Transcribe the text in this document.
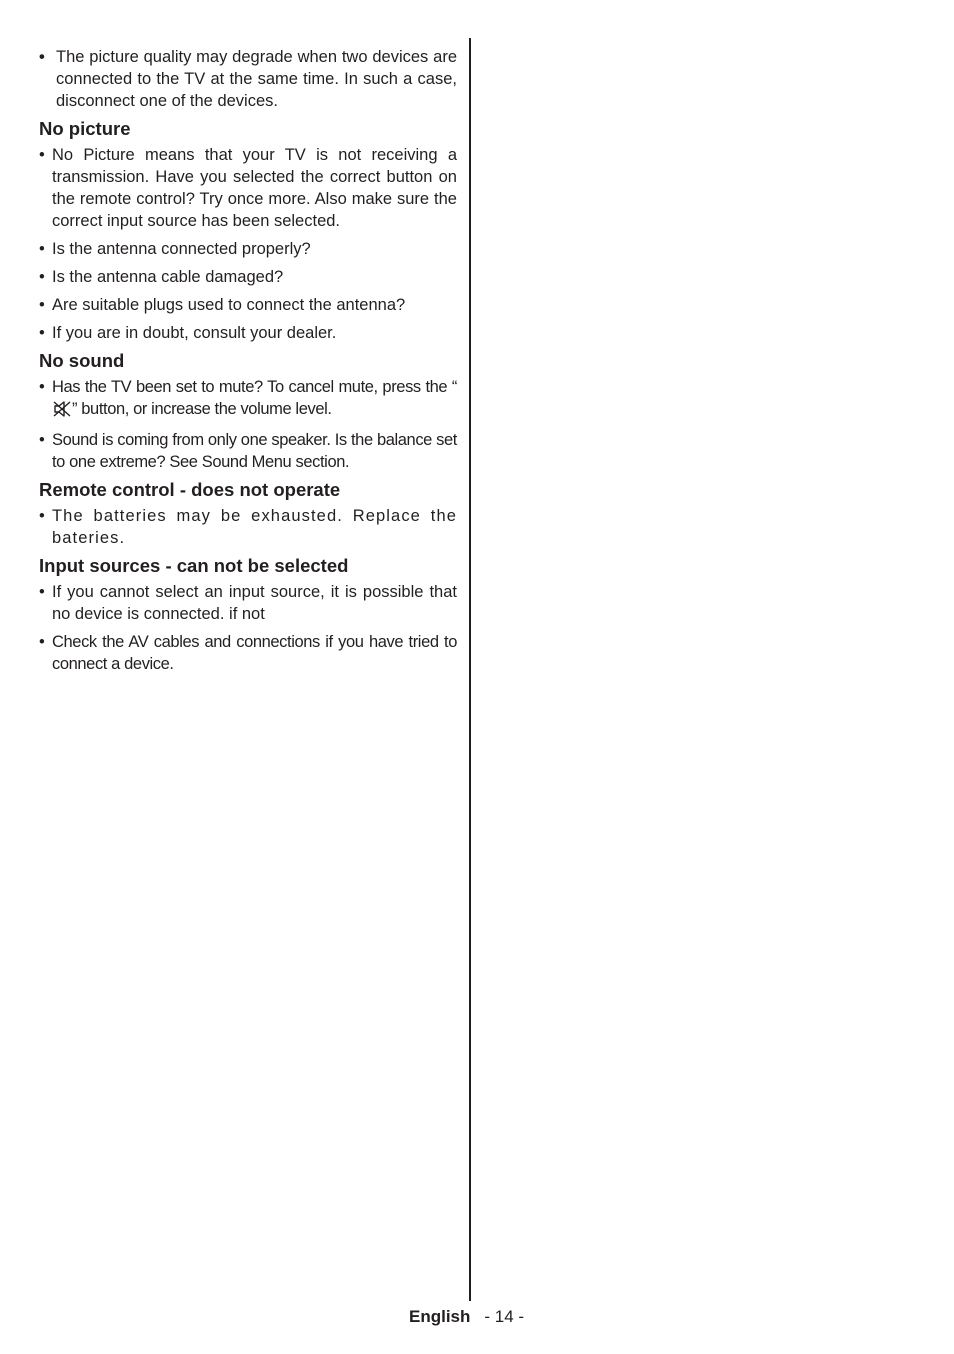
• The picture quality may degrade when two devices are connected to the TV at the same time. In such a case, disconnect one of the devices.
No picture
• No Picture means that your TV is not receiving a transmission. Have you selected the correct button on the remote control? Try once more. Also make sure the correct input source has been selected.
• Is the antenna connected properly?
• Is the antenna cable damaged?
• Are suitable plugs used to connect the antenna?
• If you are in doubt, consult your dealer.
No sound
• Has the TV been set to mute? To cancel mute, press the “” button, or increase the volume level.
• Sound is coming from only one speaker. Is the balance set to one extreme? See Sound Menu section.
Remote control - does not operate
• The batteries may be exhausted. Replace the bateries.
Input sources - can not be selected
• If you cannot select an input source, it is possible that no device is connected. if not
• Check the AV cables and connections if you have tried to connect a device.
English - 14 -
